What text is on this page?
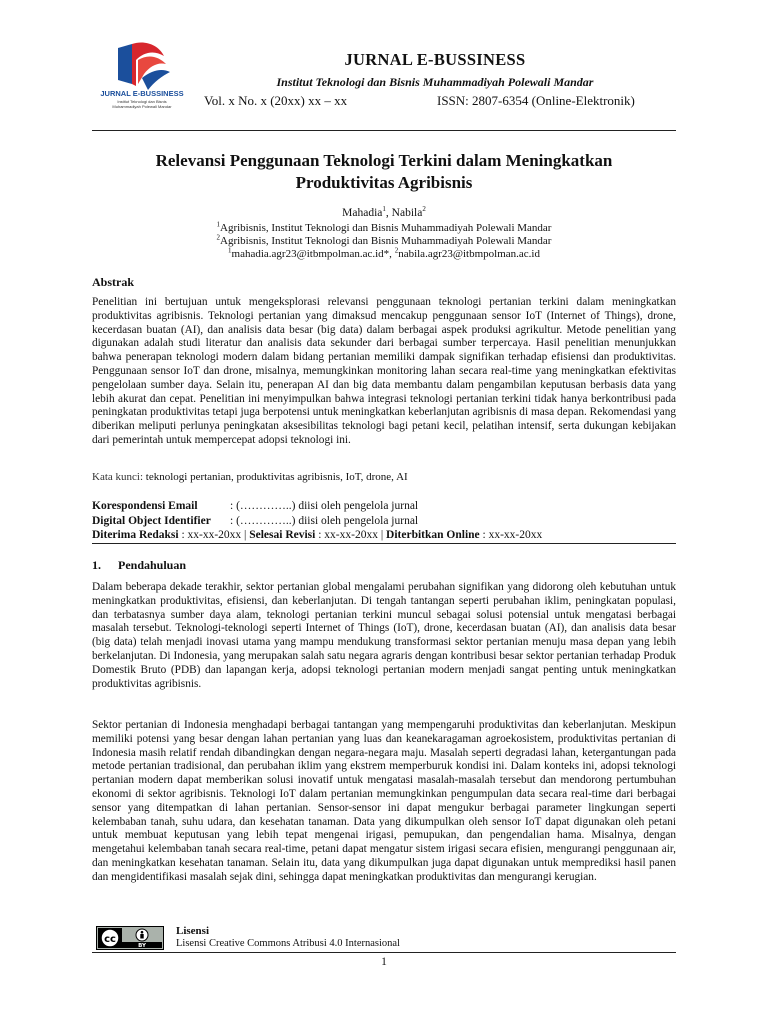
JURNAL E-BUSSINESS
Institut Teknologi dan Bisnis
Muhammadiyah Polewali Mandar
JURNAL E-BUSSINESS
Institut Teknologi dan Bisnis Muhammadiyah Polewali Mandar
Vol. x No. x (20xx) xx – xx	ISSN: 2807-6354 (Online-Elektronik)
Relevansi Penggunaan Teknologi Terkini dalam Meningkatkan
Produktivitas Agribisnis
Mahadia$^1$, Nabila$^2$
$^1$Agribisnis, Institut Teknologi dan Bisnis Muhammadiyah Polewali Mandar
$^2$Agribisnis, Institut Teknologi dan Bisnis Muhammadiyah Polewali Mandar
$^1$mahadia.agr23@itbmpolman.ac.id*, $^2$nabila.agr23@itbmpolman.ac.id
Abstrak
Penelitian ini bertujuan untuk mengeksplorasi relevansi penggunaan teknologi pertanian terkini dalam meningkatkan produktivitas agribisnis. Teknologi pertanian yang dimaksud mencakup penggunaan sensor IoT (Internet of Things), drone, kecerdasan buatan (AI), dan analisis data besar (big data) dalam berbagai aspek produksi agrikultur. Metode penelitian yang digunakan adalah studi literatur dan analisis data sekunder dari berbagai sumber terpercaya. Hasil penelitian menunjukkan bahwa penerapan teknologi modern dalam bidang pertanian memiliki dampak signifikan terhadap efisiensi dan produktivitas. Penggunaan sensor IoT dan drone, misalnya, memungkinkan monitoring lahan secara real-time yang meningkatkan efektivitas pengelolaan sumber daya. Selain itu, penerapan AI dan big data membantu dalam pengambilan keputusan berbasis data yang lebih akurat dan cepat. Penelitian ini menyimpulkan bahwa integrasi teknologi pertanian terkini tidak hanya berkontribusi pada peningkatan produktivitas tetapi juga berpotensi untuk meningkatkan keberlanjutan agribisnis di masa depan. Rekomendasi yang diberikan meliputi perlunya peningkatan aksesibilitas teknologi bagi petani kecil, pelatihan intensif, serta dukungan kebijakan dari pemerintah untuk mempercepat adopsi teknologi ini.
Kata kunci: teknologi pertanian, produktivitas agribisnis, IoT, drone, AI
Korespondensi Email	: (…………..) diisi oleh pengelola jurnal
Digital Object Identifier : (…………..) diisi oleh pengelola jurnal
Diterima Redaksi : xx-xx-20xx | Selesai Revisi : xx-xx-20xx | Diterbitkan Online : xx-xx-20xx
1. Pendahuluan
Dalam beberapa dekade terakhir, sektor pertanian global mengalami perubahan signifikan yang didorong oleh kebutuhan untuk meningkatkan produktivitas, efisiensi, dan keberlanjutan. Di tengah tantangan seperti perubahan iklim, peningkatan populasi, dan terbatasnya sumber daya alam, teknologi pertanian terkini muncul sebagai solusi potensial untuk mengatasi berbagai masalah tersebut. Teknologi-teknologi seperti Internet of Things (IoT), drone, kecerdasan buatan (AI), dan analisis data besar (big data) telah menjadi inovasi utama yang mampu mendukung transformasi sektor pertanian menuju masa depan yang lebih berkelanjutan. Di Indonesia, yang merupakan salah satu negara agraris dengan kontribusi besar sektor pertanian terhadap Produk Domestik Bruto (PDB) dan lapangan kerja, adopsi teknologi pertanian modern menjadi sangat penting untuk meningkatkan produktivitas agribisnis.
Sektor pertanian di Indonesia menghadapi berbagai tantangan yang mempengaruhi produktivitas dan keberlanjutan. Meskipun memiliki potensi yang besar dengan lahan pertanian yang luas dan keanekaragaman agroekosistem, produktivitas pertanian di Indonesia masih relatif rendah dibandingkan dengan negara-negara maju. Masalah seperti degradasi lahan, ketergantungan pada metode pertanian tradisional, dan perubahan iklim yang ekstrem memperburuk kondisi ini. Dalam konteks ini, adopsi teknologi pertanian modern dapat memberikan solusi inovatif untuk mengatasi masalah-masalah tersebut dan mendorong pertumbuhan ekonomi di sektor agribisnis. Teknologi IoT dalam pertanian memungkinkan pengumpulan data secara real-time dari berbagai sensor yang ditempatkan di lahan pertanian. Sensor-sensor ini dapat mengukur berbagai parameter lingkungan seperti kelembaban tanah, suhu udara, dan kesehatan tanaman. Data yang dikumpulkan oleh sensor IoT dapat digunakan oleh petani untuk membuat keputusan yang lebih tepat mengenai irigasi, pemupukan, dan pengendalian hama. Misalnya, dengan mengetahui kelembaban tanah secara real-time, petani dapat mengatur sistem irigasi secara efisien, mengurangi penggunaan air, dan meningkatkan kesehatan tanaman. Selain itu, data yang dikumpulkan juga dapat digunakan untuk memprediksi hasil panen dan mengidentifikasi masalah sejak dini, sehingga dapat meningkatkan produktivitas dan mengurangi kerugian.
cc
BY
Lisensi
Lisensi Creative Commons Atribusi 4.0 Internasional
1
